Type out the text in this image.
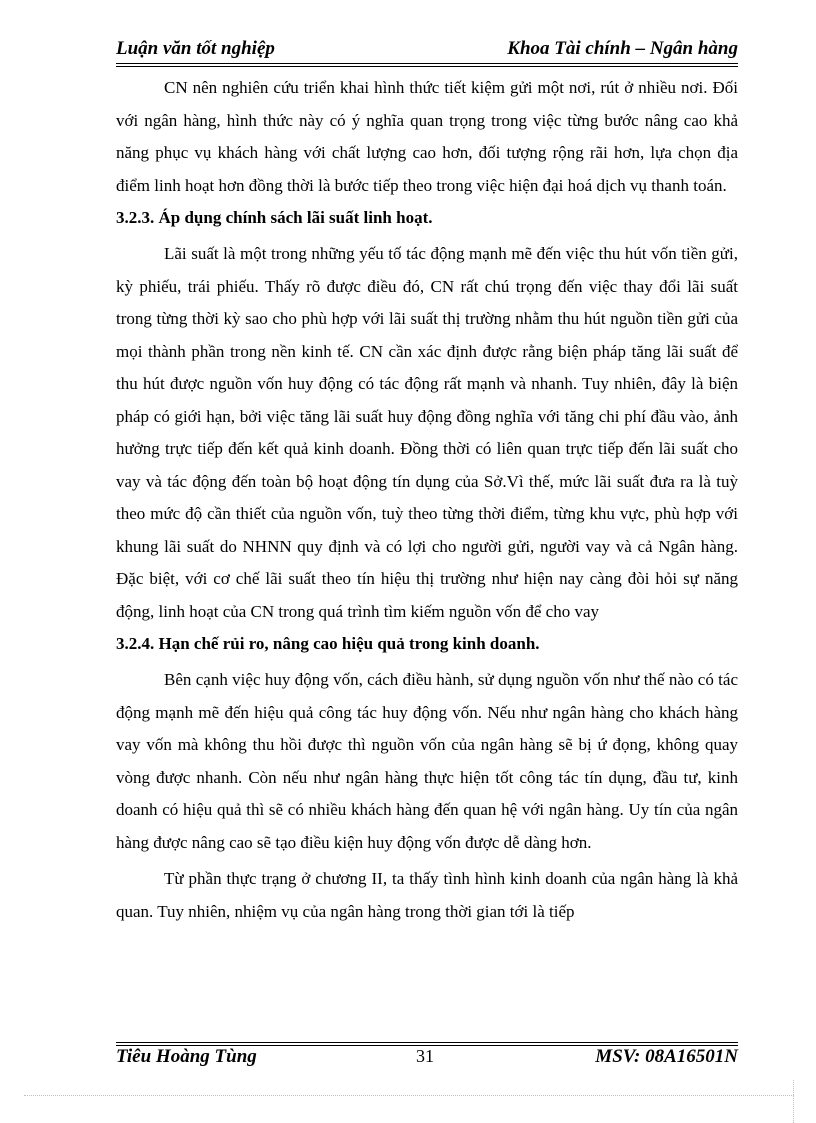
Luận văn tốt nghiệp	Khoa Tài chính – Ngân hàng

CN nên nghiên cứu triển khai hình thức tiết kiệm gửi một nơi, rút ở nhiều nơi. Đối với ngân hàng, hình thức này có ý nghĩa quan trọng trong việc từng bước nâng cao khả năng phục vụ khách hàng với chất lượng cao hơn, đối tượng rộng rãi hơn, lựa chọn địa điểm linh hoạt hơn đồng thời là bước tiếp theo trong việc hiện đại hoá dịch vụ thanh toán.

3.2.3. Áp dụng chính sách lãi suất linh hoạt.

Lãi suất là một trong những yếu tố tác động mạnh mẽ đến việc thu hút vốn tiền gửi, kỳ phiếu, trái phiếu. Thấy rõ được điều đó, CN rất chú trọng đến việc thay đổi lãi suất trong từng thời kỳ sao cho phù hợp với lãi suất thị trường nhằm thu hút nguồn tiền gửi của mọi thành phần trong nền kinh tế. CN cần xác định được rằng biện pháp tăng lãi suất để thu hút được nguồn vốn huy động có tác động rất mạnh và nhanh. Tuy nhiên, đây là biện pháp có giới hạn, bởi việc tăng lãi suất huy động đồng nghĩa với tăng chi phí đầu vào, ảnh hưởng trực tiếp đến kết quả kinh doanh. Đồng thời có liên quan trực tiếp đến lãi suất cho vay và tác động đến toàn bộ hoạt động tín dụng của Sở.Vì thế, mức lãi suất đưa ra là tuỳ theo mức độ cần thiết của nguồn vốn, tuỳ theo từng thời điểm, từng khu vực, phù hợp với khung lãi suất do NHNN quy định và có lợi cho người gửi, người vay và cả Ngân hàng. Đặc biệt, với cơ chế lãi suất theo tín hiệu thị trường như hiện nay càng đòi hỏi sự năng động, linh hoạt của CN trong quá trình tìm kiếm nguồn vốn để cho vay

3.2.4. Hạn chế rủi ro, nâng cao hiệu quả trong kinh doanh.

Bên cạnh việc huy động vốn, cách điều hành, sử dụng nguồn vốn như thế nào có tác động mạnh mẽ đến hiệu quả công tác huy động vốn. Nếu như ngân hàng cho khách hàng vay vốn mà không thu hồi được thì nguồn vốn của ngân hàng sẽ bị ứ đọng, không quay vòng được nhanh. Còn nếu như ngân hàng thực hiện tốt công tác tín dụng, đầu tư, kinh doanh có hiệu quả thì sẽ có nhiều khách hàng đến quan hệ với ngân hàng. Uy tín của ngân hàng được nâng cao sẽ tạo điều kiện huy động vốn được dễ dàng hơn.

Từ phần thực trạng ở chương II, ta thấy tình hình kinh doanh của ngân hàng là khả quan. Tuy nhiên, nhiệm vụ của ngân hàng trong thời gian tới là tiếp

Tiêu Hoàng Tùng	31	MSV: 08A16501N
